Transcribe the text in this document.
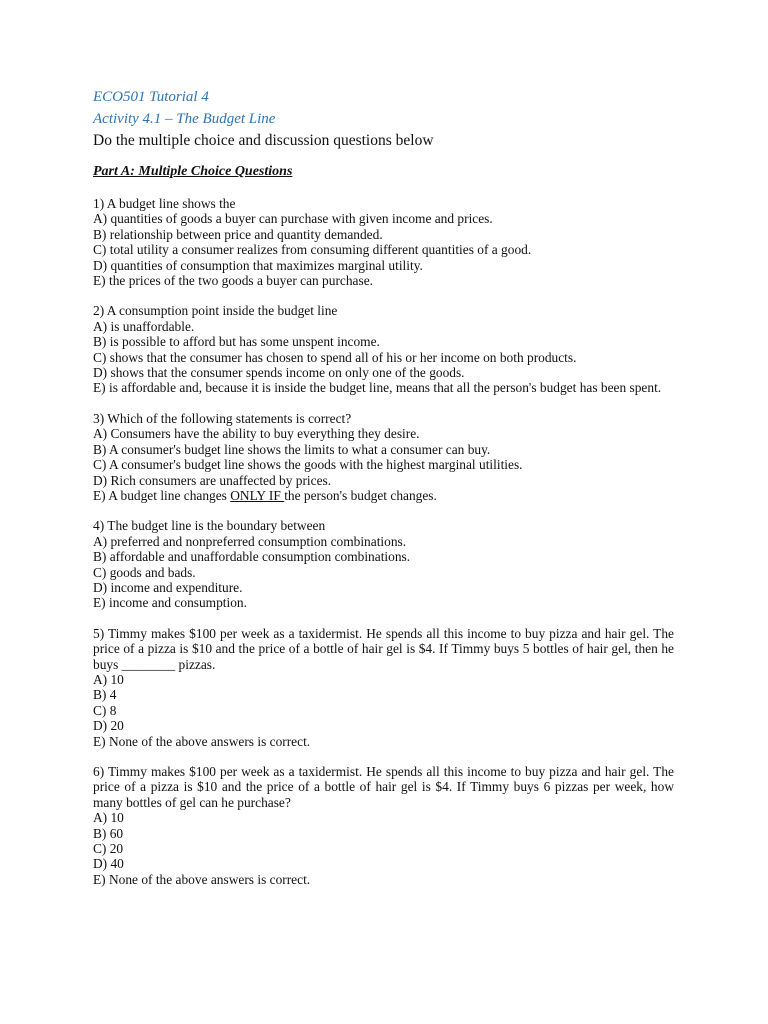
ECO501 Tutorial 4
Activity 4.1 – The Budget Line
Do the multiple choice and discussion questions below
Part A: Multiple Choice Questions
1) A budget line shows the
A) quantities of goods a buyer can purchase with given income and prices.
B) relationship between price and quantity demanded.
C) total utility a consumer realizes from consuming different quantities of a good.
D) quantities of consumption that maximizes marginal utility.
E) the prices of the two goods a buyer can purchase.
2) A consumption point inside the budget line
A) is unaffordable.
B) is possible to afford but has some unspent income.
C) shows that the consumer has chosen to spend all of his or her income on both products.
D) shows that the consumer spends income on only one of the goods.
E) is affordable and, because it is inside the budget line, means that all the person's budget has been spent.
3) Which of the following statements is correct?
A) Consumers have the ability to buy everything they desire.
B) A consumer's budget line shows the limits to what a consumer can buy.
C) A consumer's budget line shows the goods with the highest marginal utilities.
D) Rich consumers are unaffected by prices.
E) A budget line changes ONLY IF the person's budget changes.
4) The budget line is the boundary between
A) preferred and nonpreferred consumption combinations.
B) affordable and unaffordable consumption combinations.
C) goods and bads.
D) income and expenditure.
E) income and consumption.
5) Timmy makes $100 per week as a taxidermist. He spends all this income to buy pizza and hair gel. The price of a pizza is $10 and the price of a bottle of hair gel is $4. If Timmy buys 5 bottles of hair gel, then he buys ________ pizzas.
A) 10
B) 4
C) 8
D) 20
E) None of the above answers is correct.
6) Timmy makes $100 per week as a taxidermist. He spends all this income to buy pizza and hair gel. The price of a pizza is $10 and the price of a bottle of hair gel is $4. If Timmy buys 6 pizzas per week, how many bottles of gel can he purchase?
A) 10
B) 60
C) 20
D) 40
E) None of the above answers is correct.
